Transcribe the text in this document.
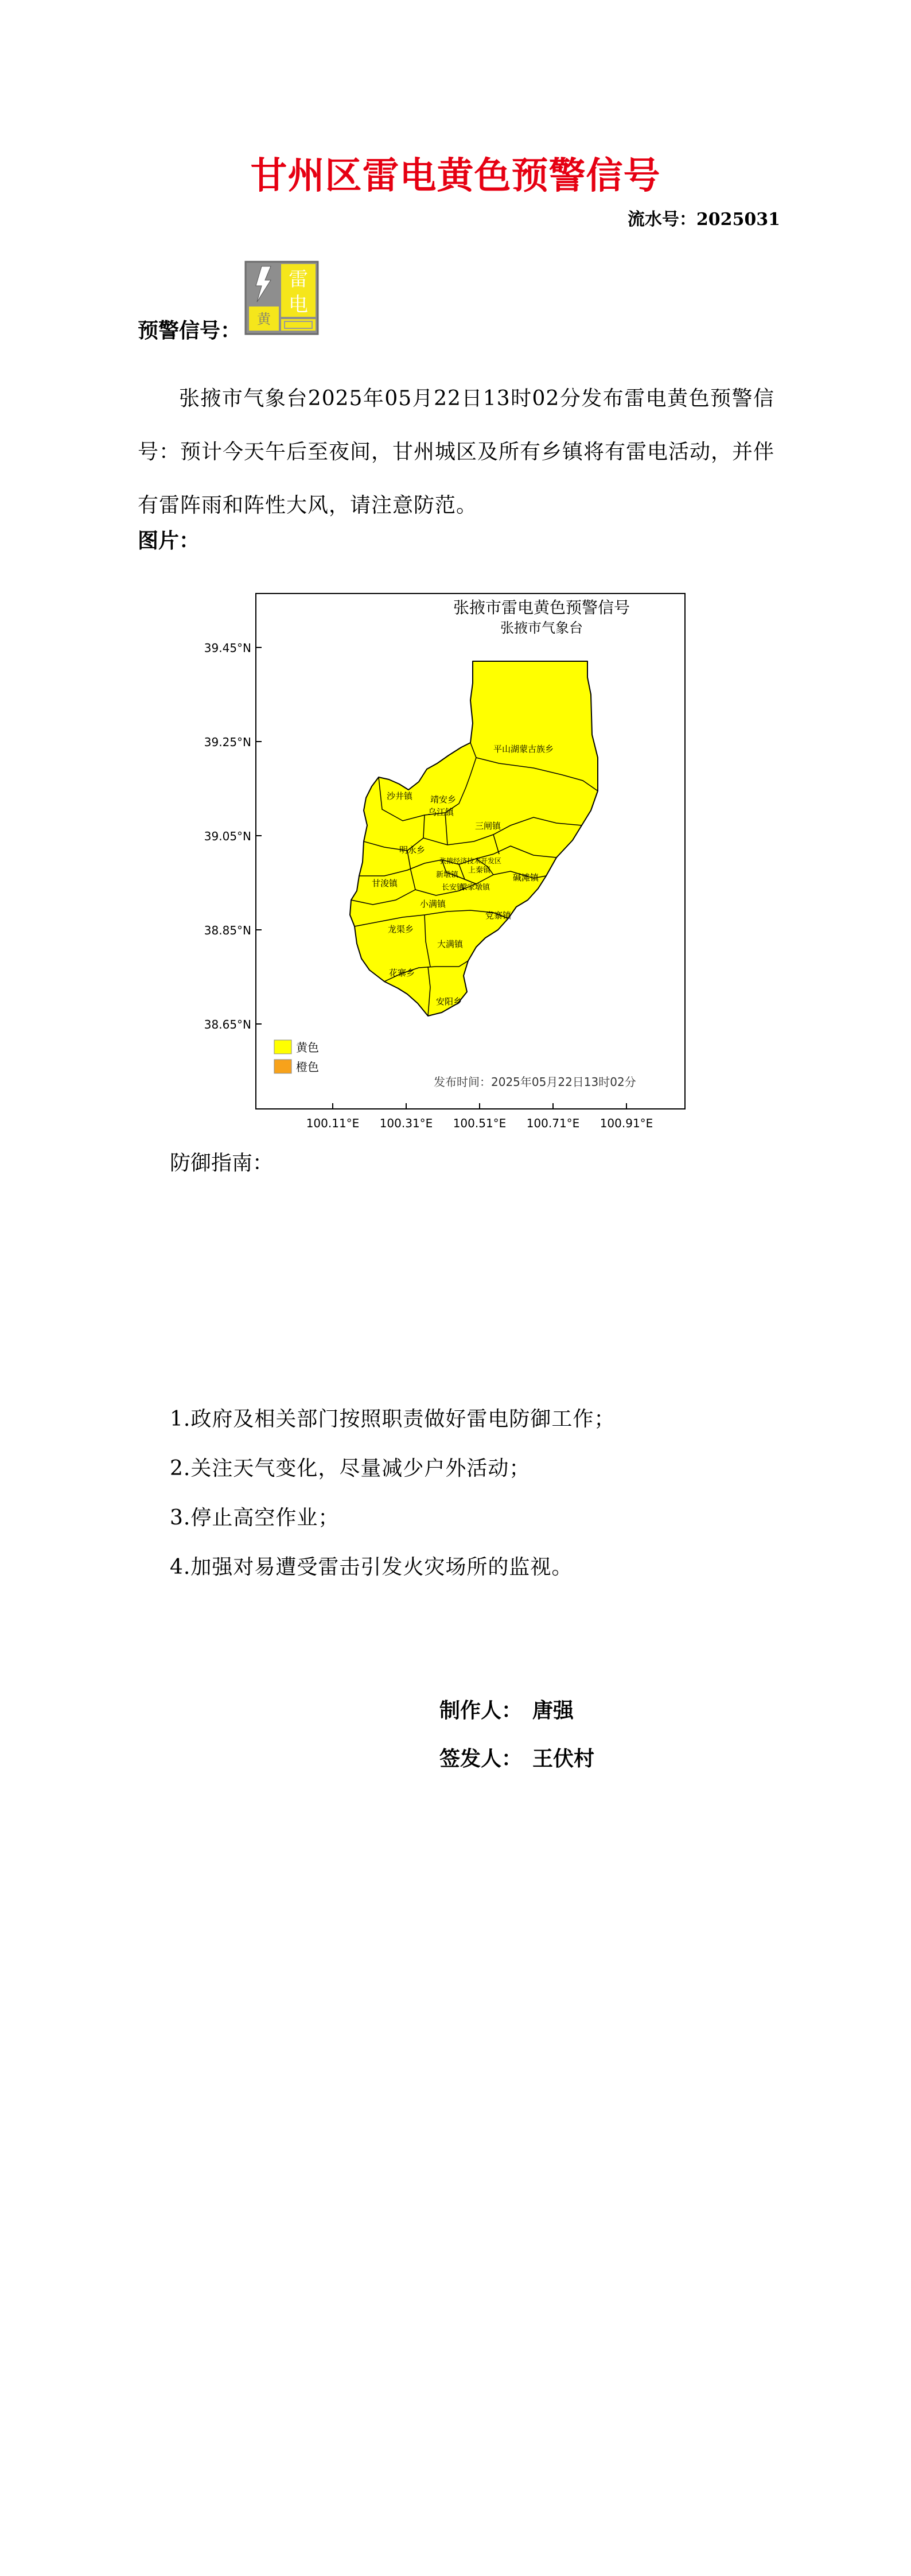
甘州区雷电黄色预警信号
流水号：2025031
预警信号：
雷
电
黄
张掖市气象台2025年05月22日13时02分发布雷电黄色预警信号：预计今天午后至夜间，甘州城区及所有乡镇将有雷电活动，并伴有雷阵雨和阵性大风，请注意防范。
图片：
39.45°N
39.25°N
39.05°N
38.85°N
38.65°N
100.11°E 100.31°E 100.51°E 100.71°E 100.91°E
张掖市雷电黄色预警信号
张掖市气象台
平山湖蒙古族乡
沙井镇 靖安乡
乌江镇
三闸镇
明永乡
碱滩镇
甘浚镇
党寨镇
小满镇
龙渠乡
大满镇
花寨乡
安阳乡
新墩镇
长安镇
上秦镇
梁家墩镇
张掖经济技术开发区
黄色
橙色
发布时间：2025年05月22日13时02分
防御指南：
1.政府及相关部门按照职责做好雷电防御工作；
2.关注天气变化，尽量减少户外活动；
3.停止高空作业；
4.加强对易遭受雷击引发火灾场所的监视。
制作人： 唐强
签发人： 王伏村
